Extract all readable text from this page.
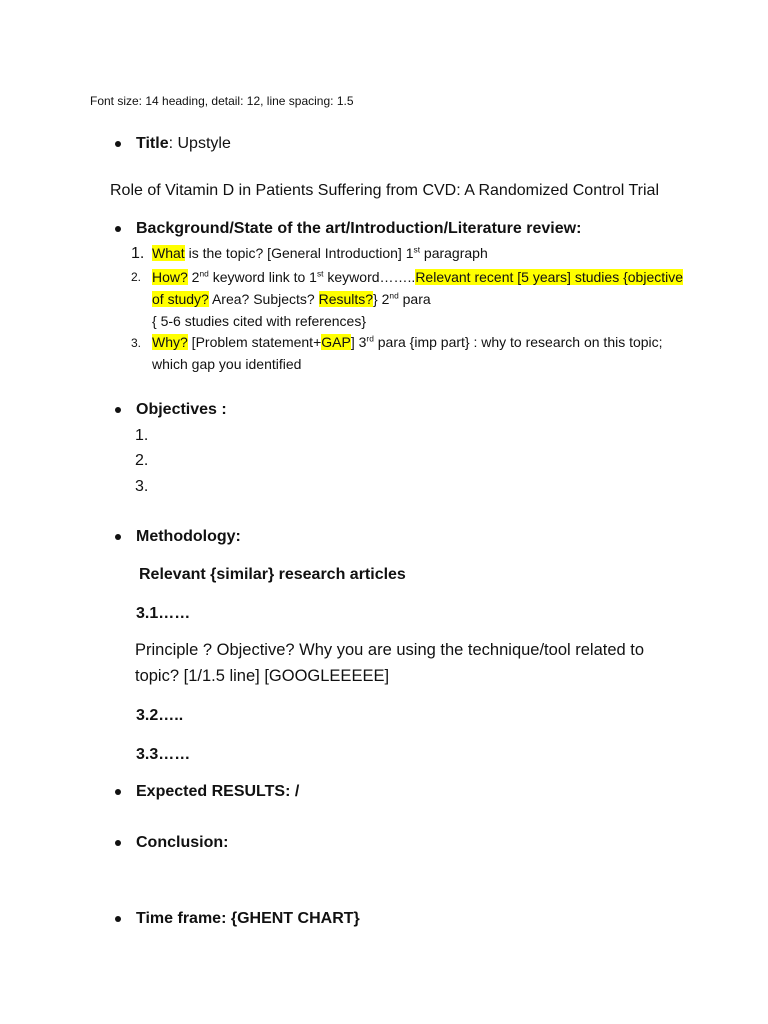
Font size: 14 heading, detail: 12, line spacing: 1.5
Title: Upstyle
Role of Vitamin D in Patients Suffering from CVD: A Randomized Control Trial
Background/State of the art/Introduction/Literature review:
1. What is the topic? [General Introduction] 1st paragraph
2. How? 2nd keyword link to 1st keyword……..Relevant recent [5 years] studies {objective
of study? Area? Subjects? Results?} 2nd para
{ 5-6 studies cited with references}
3. Why? [Problem statement+GAP] 3rd para {imp part} : why to research on this topic;
which gap you identified
Objectives :
1.
2.
3.
Methodology:
Relevant {similar} research articles
3.1……
Principle ? Objective? Why you are using the technique/tool related to
topic? [1/1.5 line] [GOOGLEEEEE]
3.2…..
3.3……
Expected RESULTS: /
Conclusion:
Time frame: {GHENT CHART}
